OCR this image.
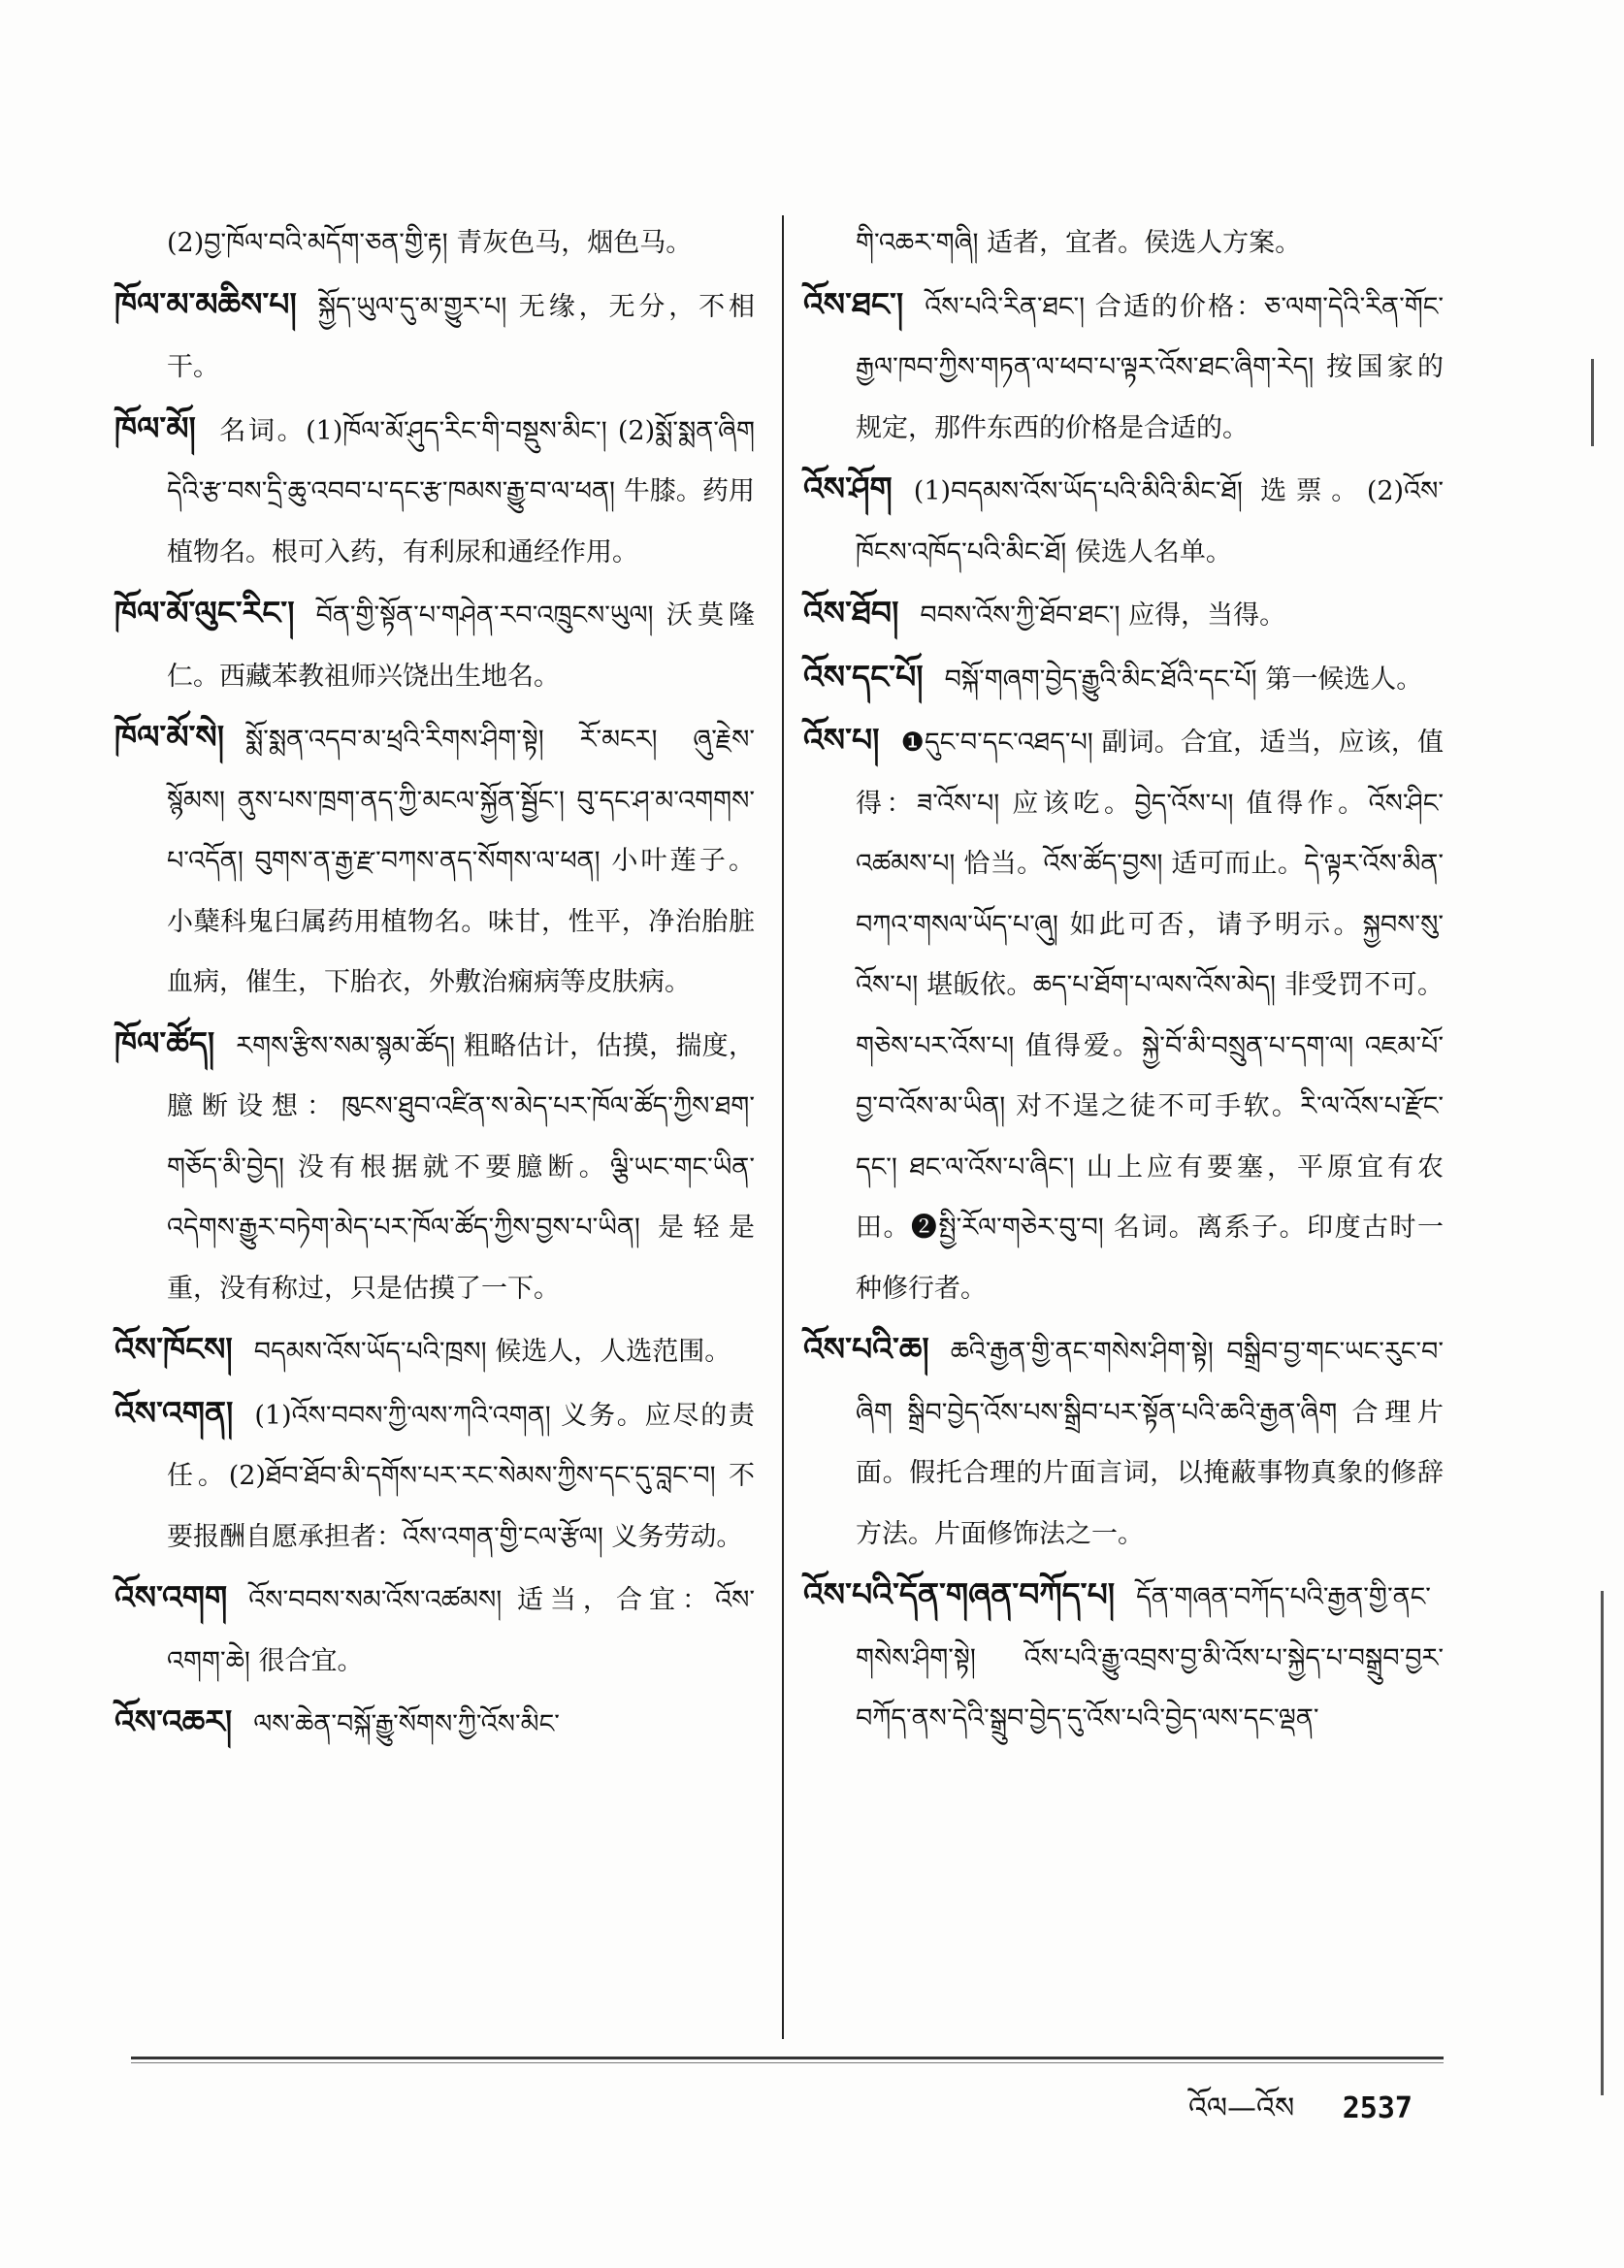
(2)བྱ་ཁོལ་བའི་མདོག་ཅན་གྱི་རྟ། 青灰色马，烟色马。
ཁོལ་མ་མཆིས་པ། སྐྱོད་ཡུལ་དུ་མ་གྱུར་པ། 无缘，无分，不相干。
ཁོལ་མོ། 名词。(1)ཁོལ་མོ་ཤུད་རིང་གི་བསྡུས་མིང་། (2)སྨོ་སྨན་ཞིག དེའི་རྩ་བས་དྲི་ཆུ་འབབ་པ་དང་རྩ་ཁམས་རྒྱུ་བ་ལ་ཕན། 牛膝。药用植物名。根可入药，有利尿和通经作用。
ཁོལ་མོ་ལུང་རིང་། བོན་གྱི་སྟོན་པ་གཤེན་རབ་འཁྲུངས་ཡུལ། 沃莫隆仁。西藏苯教祖师兴饶出生地名。
ཁོལ་མོ་སེ། སྨོ་སྨན་འདབ་མ་ཕྲའི་རིགས་ཤིག་སྟེ། རོ་མངར། ཞུ་རྗེས་སྙོམས། ནུས་པས་ཁྲག་ནད་ཀྱི་མངལ་སྐྱོན་སྦྱོང་། བུ་དང་ཤ་མ་འགགས་པ་འདོན། བུགས་ན་རྒྱ་རྫ་བཀས་ནད་སོགས་ལ་ཕན། 小叶莲子。小蘖科鬼臼属药用植物名。味甘，性平，净治胎脏血病，催生，下胎衣，外敷治痫病等皮肤病。
ཁོལ་ཚོད། རགས་རྩིས་སམ་སྙམ་ཚོད། 粗略估计，估摸，揣度，臆断设想：ཁུངས་ཐུབ་འཛིན་ས་མེད་པར་ཁོལ་ཚོད་ཀྱིས་ཐག་གཅོད་མི་བྱེད། 没有根据就不要臆断。ལྕི་ཡང་གང་ཡིན་འདེགས་རྒྱུར་བཏེག་མེད་པར་ཁོལ་ཚོད་ཀྱིས་བྱས་པ་ཡིན། 是轻是重，没有称过，只是估摸了一下。
འོས་ཁོངས། བདམས་འོས་ཡོད་པའི་ཁྲས། 候选人，人选范围。
འོས་འགན། (1)འོས་བབས་ཀྱི་ལས་ཀའི་འགན། 义务。应尽的责任。(2)ཐོབ་ཐོབ་མི་དགོས་པར་རང་སེམས་ཀྱིས་དང་དུ་བླང་བ། 不要报酬自愿承担者：འོས་འགན་གྱི་ངལ་རྩོལ། 义务劳动。
འོས་འགག འོས་བབས་སམ་འོས་འཚམས། 适当，合宜：འོས་འགག་ཆེ། 很合宜。
འོས་འཆར། ལས་ཆེན་བསྐོ་རྒྱུ་སོགས་ཀྱི་འོས་མིང་
གི་འཆར་གཞི། 适者，宜者。侯选人方案。
འོས་ཐང་། འོས་པའི་རིན་ཐང་། 合适的价格：ཅ་ལག་དེའི་རིན་གོང་རྒྱལ་ཁབ་ཀྱིས་གཏན་ལ་ཕབ་པ་ལྟར་འོས་ཐང་ཞིག་རེད། 按国家的规定，那件东西的价格是合适的。
འོས་ཤོག (1)བདམས་འོས་ཡོད་པའི་མིའི་མིང་ཐོ། 选票。(2)འོས་ཁོངས་འཁོད་པའི་མིང་ཐོ། 侯选人名单。
འོས་ཐོབ། བབས་འོས་ཀྱི་ཐོབ་ཐང་། 应得，当得。
འོས་དང་པོ། བསྐོ་གཞག་བྱེད་རྒྱུའི་མིང་ཐོའི་དང་པོ། 第一候选人。
འོས་པ། ❶དུང་བ་དང་འཐད་པ། 副词。合宜，适当，应该，值得：ཟ་འོས་པ། 应该吃。བྱེད་འོས་པ། 值得作。འོས་ཤིང་འཚམས་པ། 恰当。འོས་ཚོད་བྱས། 适可而止。དེ་ལྟར་འོས་མིན་བཀའ་གསལ་ཡོད་པ་ཞུ། 如此可否，请予明示。སྐྱབས་སུ་འོས་པ། 堪皈依。ཆད་པ་ཐོག་པ་ལས་འོས་མེད། 非受罚不可。གཅེས་པར་འོས་པ། 值得爱。སྐྱེ་བོ་མི་བསྲུན་པ་དག་ལ། འཇམ་པོ་བྱ་བ་འོས་མ་ཡིན། 对不逞之徒不可手软。རི་ལ་འོས་པ་རྫོང་དང་། ཐང་ལ་འོས་པ་ཞིང་། 山上应有要塞，平原宜有农田。❷སྤྱི་རོལ་གཅེར་བུ་བ། 名词。离系子。印度古时一种修行者。
འོས་པའི་ཆ། ཆའི་རྒྱན་གྱི་ནང་གསེས་ཤིག་སྟེ། བསྒྲིབ་བྱ་གང་ཡང་རུང་བ་ཞིག སྒྲིབ་བྱེད་འོས་པས་སྒྲིབ་པར་སྟོན་པའི་ཆའི་རྒྱན་ཞིག 合理片面。假托合理的片面言词，以掩蔽事物真象的修辞方法。片面修饰法之一。
འོས་པའི་དོན་གཞན་བཀོད་པ། དོན་གཞན་བཀོད་པའི་རྒྱན་གྱི་ནང་གསེས་ཤིག་སྟེ། འོས་པའི་རྒྱུ་འབྲས་བྱ་མི་འོས་པ་སྐྱེད་པ་བསྒྲུབ་བྱར་བཀོད་ནས་དེའི་སྒྲུབ་བྱེད་དུ་འོས་པའི་བྱེད་ལས་དང་ལྡན་
འོལ—འོས 2537
